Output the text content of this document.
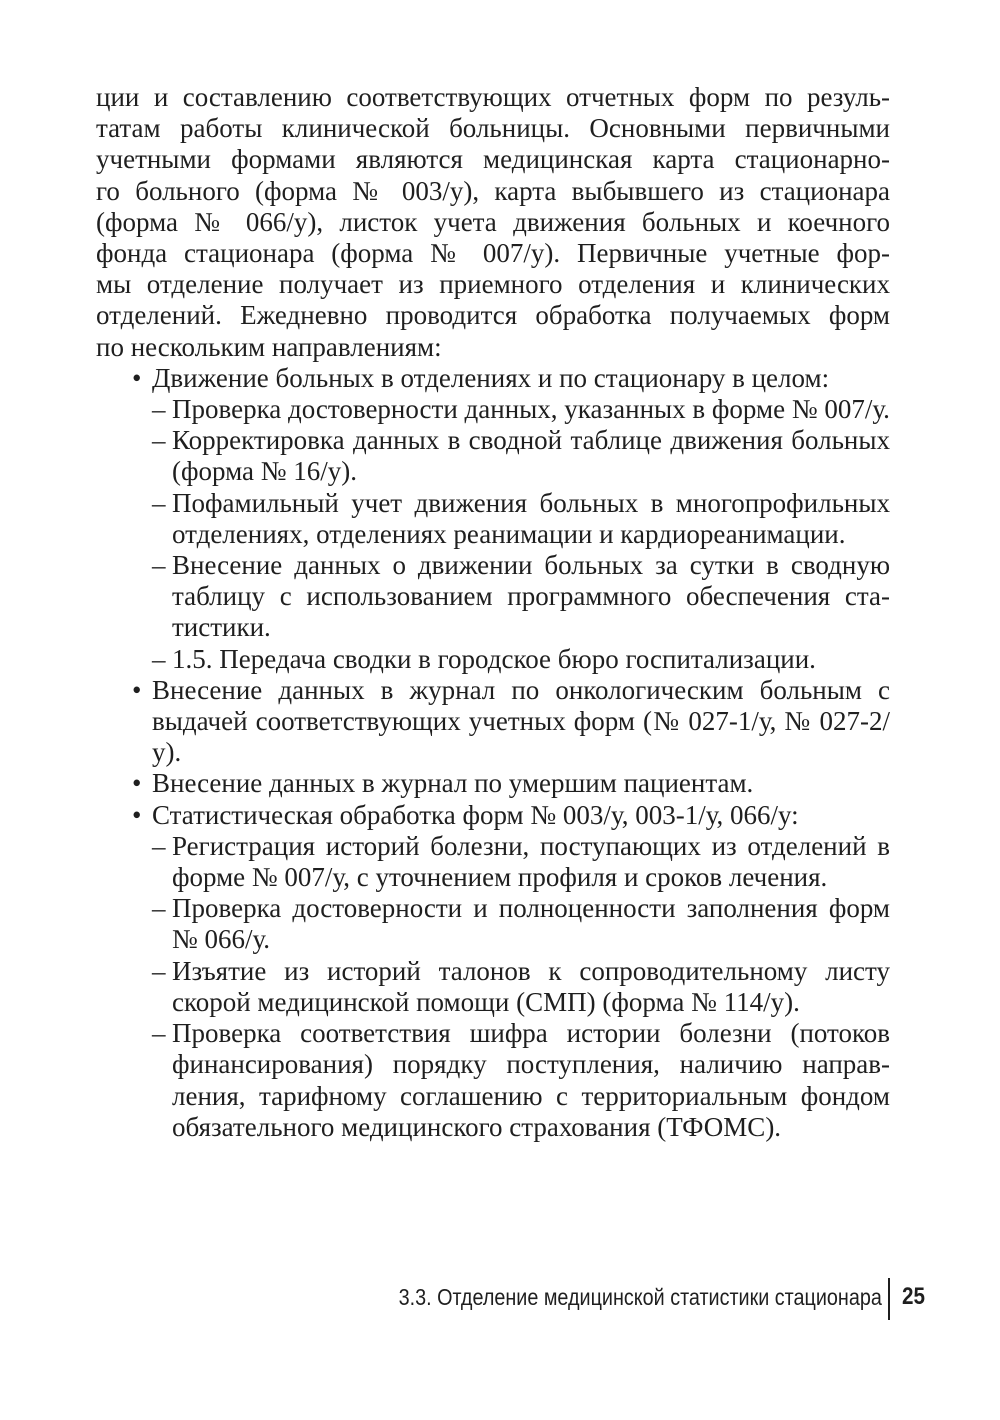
ции и составлению соответствующих отчетных форм по резуль-
татам работы клинической больницы. Основными первичными
учетными формами являются медицинская карта стационарно-
го больного (форма № 003/у), карта выбывшего из стационара
(форма № 066/у), листок учета движения больных и коечного
фонда стационара (форма № 007/у). Первичные учетные фор-
мы отделение получает из приемного отделения и клинических
отделений. Ежедневно проводится обработка получаемых форм
по нескольким направлениям:

• Движение больных в отделениях и по стационару в целом:
– Проверка достоверности данных, указанных в форме № 007/у.
– Корректировка данных в сводной таблице движения больных (форма № 16/у).
– Пофамильный учет движения больных в многопрофильных отделениях, отделениях реанимации и кардиореанимации.
– Внесение данных о движении больных за сутки в сводную таблицу с использованием программного обеспечения статистики.
– 1.5. Передача сводки в городское бюро госпитализации.
• Внесение данных в журнал по онкологическим больным с выдачей соответствующих учетных форм (№ 027-1/у, № 027-2/у).
• Внесение данных в журнал по умершим пациентам.
• Статистическая обработка форм № 003/у, 003-1/у, 066/у:
– Регистрация историй болезни, поступающих из отделений в форме № 007/у, с уточнением профиля и сроков лечения.
– Проверка достоверности и полноценности заполнения форм № 066/у.
– Изъятие из историй талонов к сопроводительному листу скорой медицинской помощи (СМП) (форма № 114/у).
– Проверка соответствия шифра истории болезни (потоков финансирования) порядку поступления, наличию направления, тарифному соглашению с территориальным фондом обязательного медицинского страхования (ТФОМС).
3.3. Отделение медицинской статистики стационара 25
